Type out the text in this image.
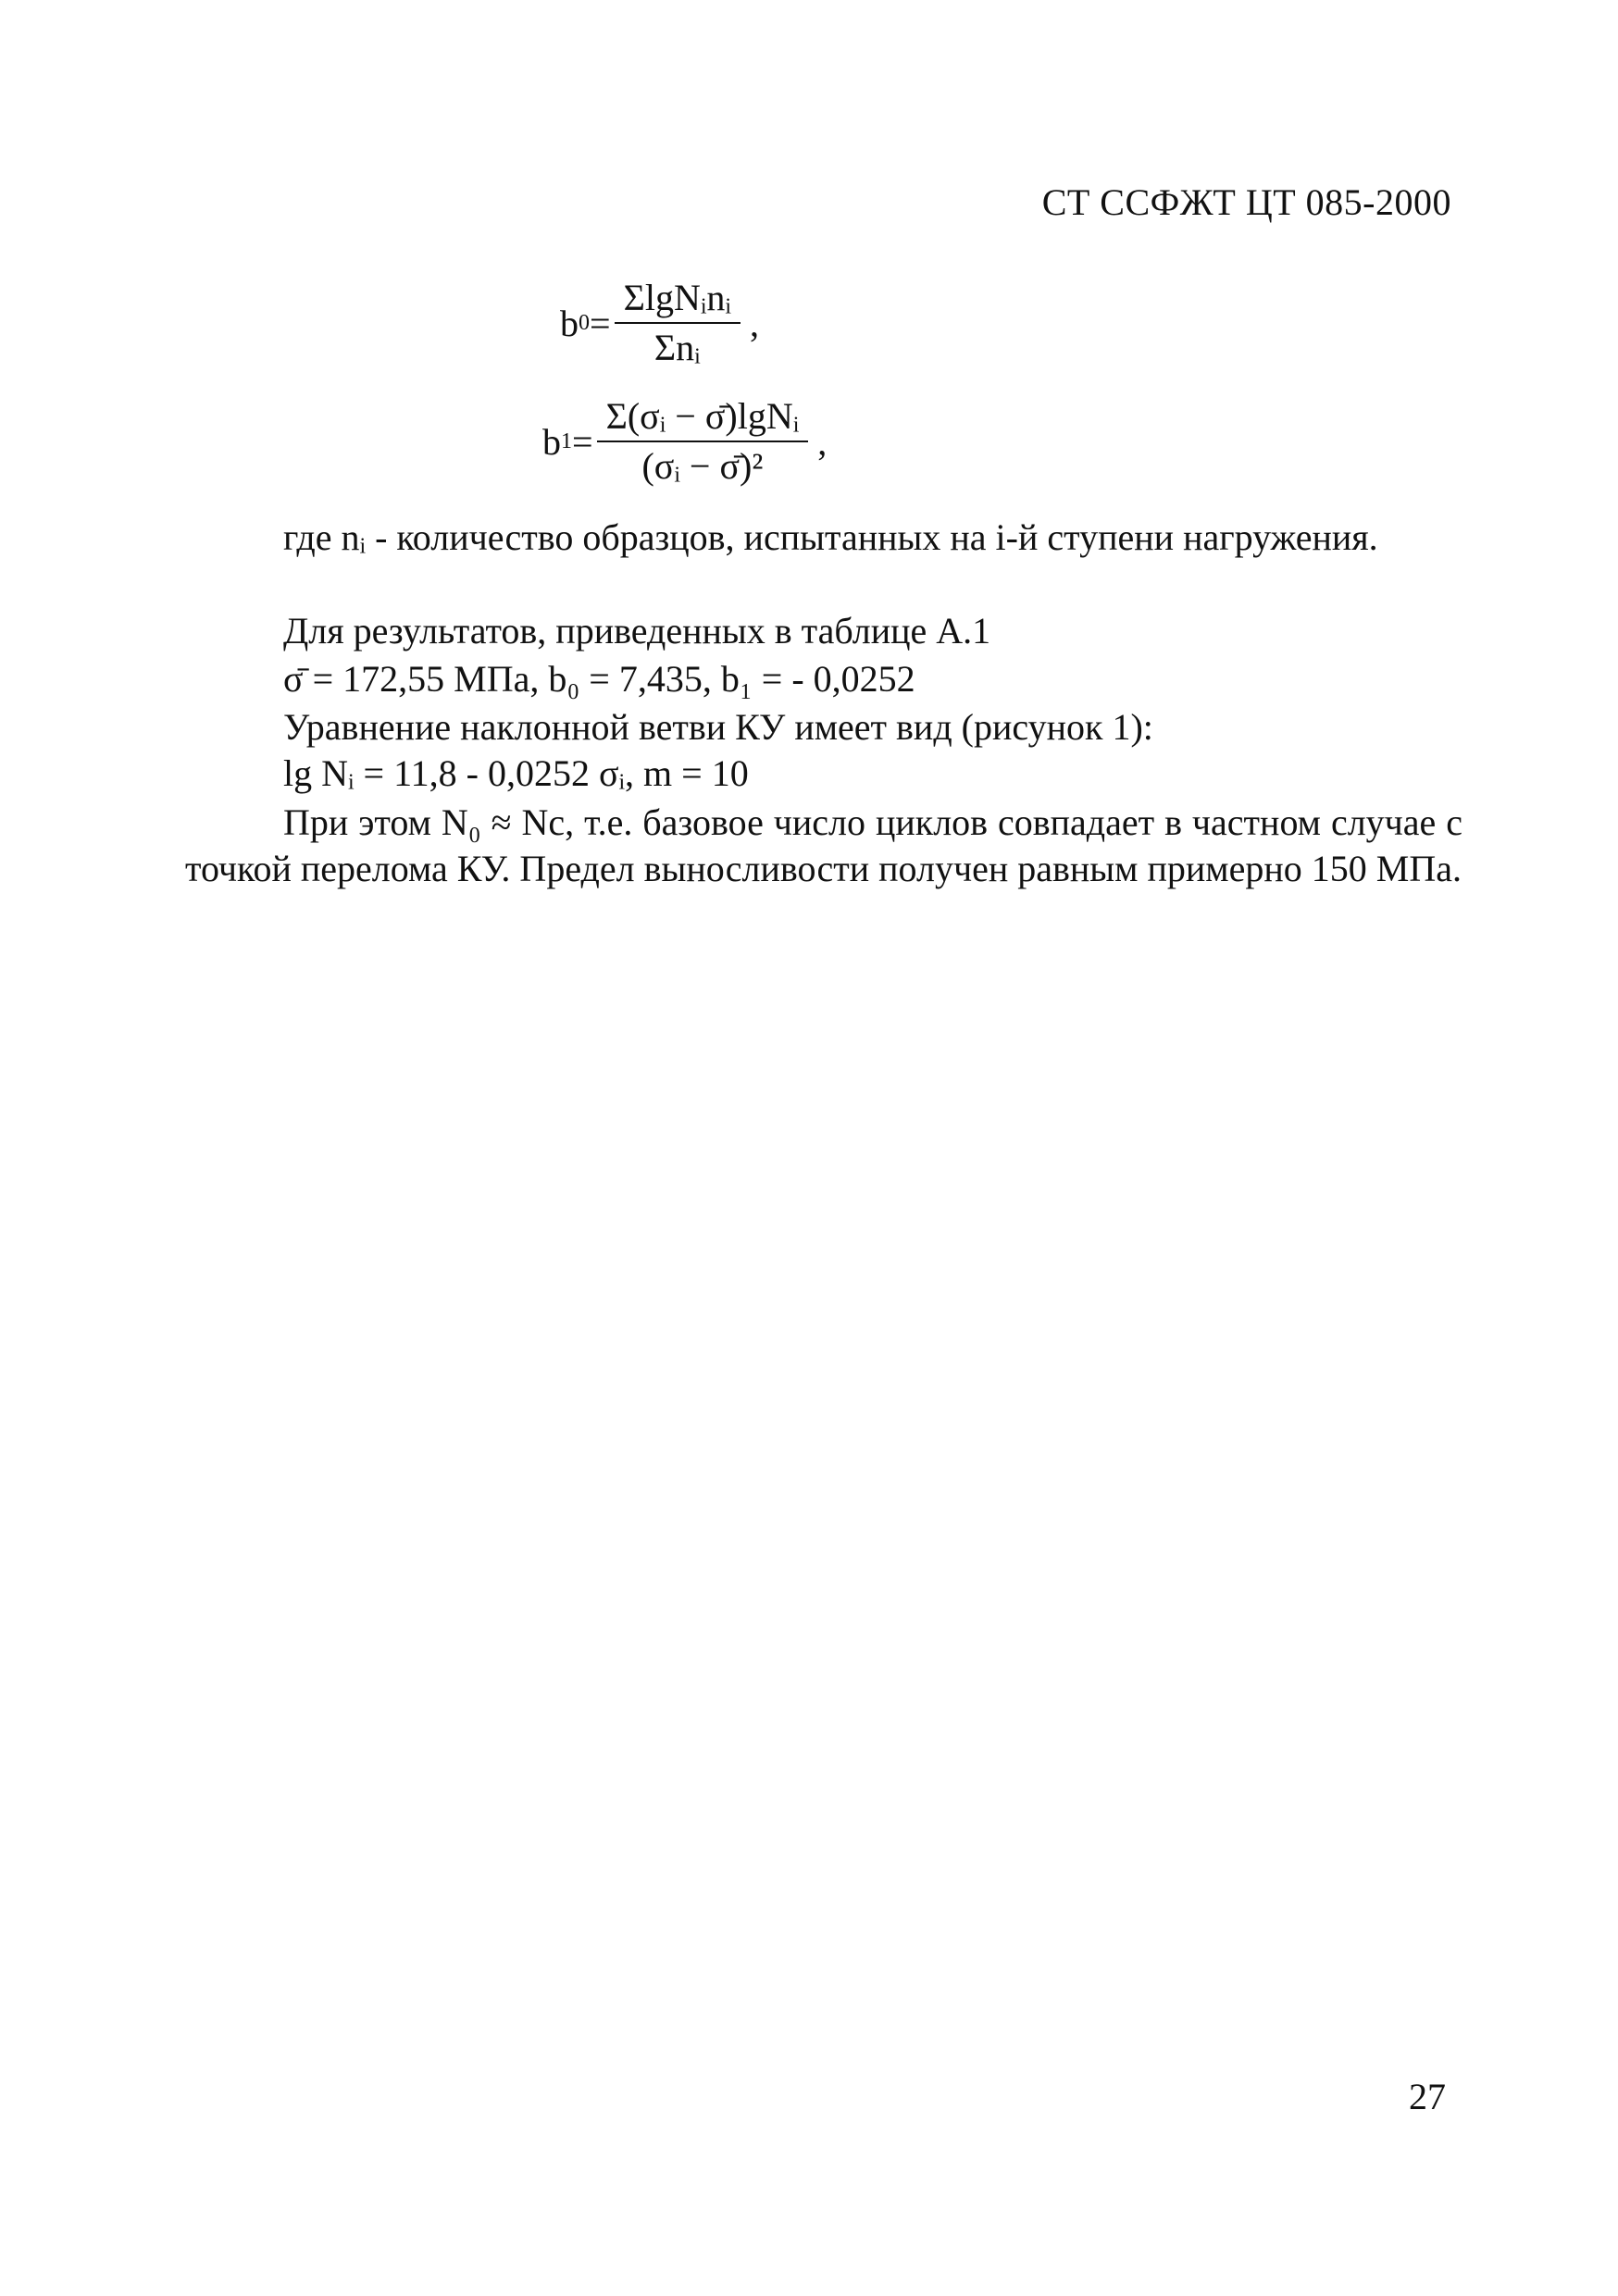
СТ ССФЖТ ЦТ 085-2000
b $0 = \frac{\text{ΣlgNᵢnᵢ}}{\text{Σnᵢ}}$ ,
b $1 = \frac{\text{Σ(σᵢ − σ̄)lgNᵢ}}{\text{(σᵢ − σ̄)²}}$ ,
где nᵢ - количество образцов, испытанных на i-й ступени нагружения.
Для результатов, приведенных в таблице А.1
σ̄ = 172,55 МПа, b₀ = 7,435, b₁ = - 0,0252
Уравнение наклонной ветви КУ имеет вид (рисунок 1):
lg Nᵢ = 11,8 - 0,0252 σᵢ, m = 10
При этом N₀ ≈ Nc, т.е. базовое число циклов совпадает в частном случае с точкой перелома КУ. Предел выносливости получен равным примерно 150 МПа.
27
